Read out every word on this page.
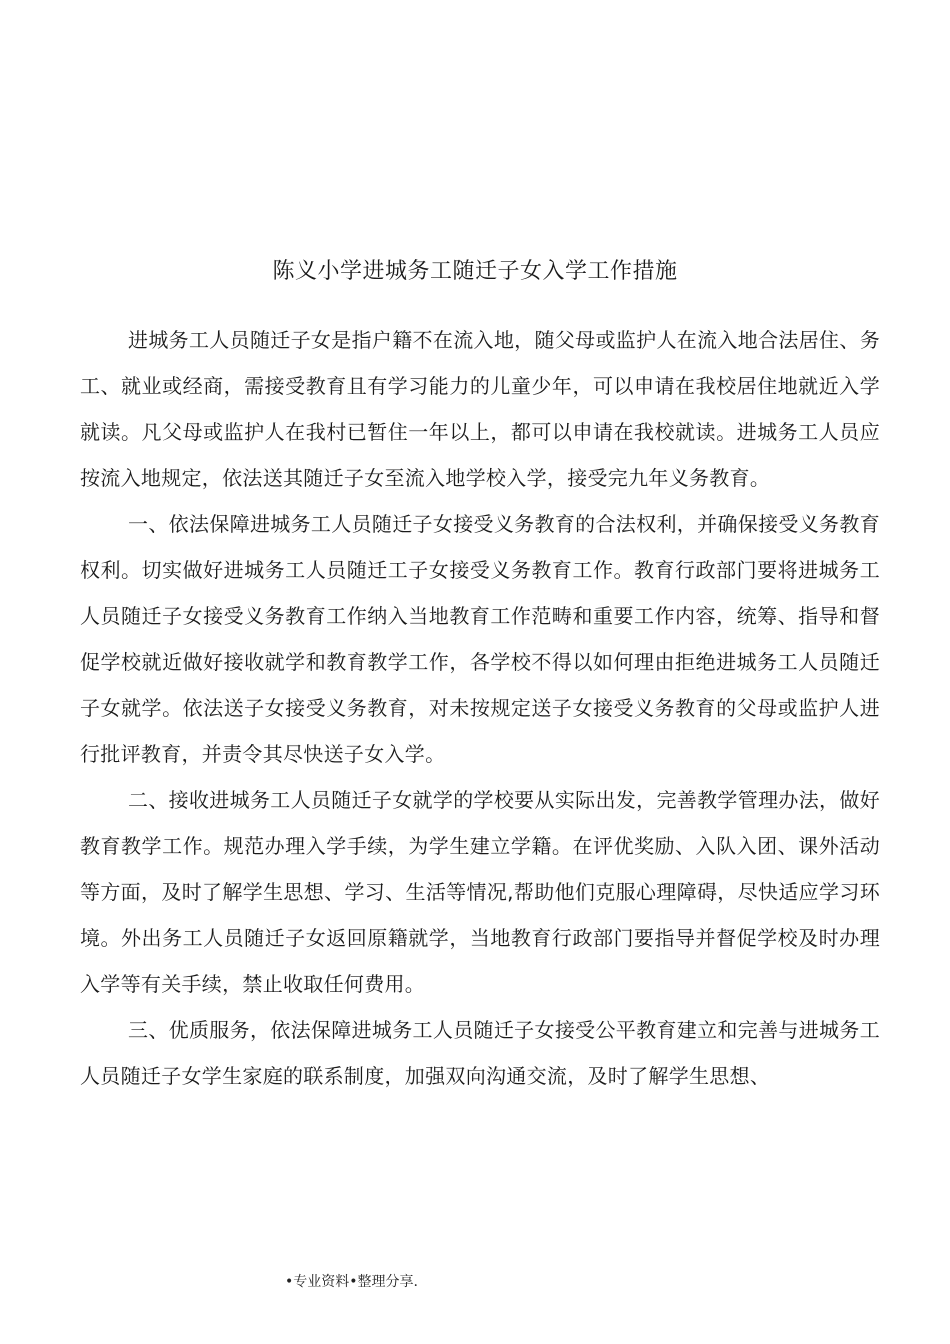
陈义小学进城务工随迁子女入学工作措施

进城务工人员随迁子女是指户籍不在流入地，随父母或监护人在流入地合法居住、务工、就业或经商，需接受教育且有学习能力的儿童少年，可以申请在我校居住地就近入学就读。凡父母或监护人在我村已暂住一年以上，都可以申请在我校就读。进城务工人员应按流入地规定，依法送其随迁子女至流入地学校入学，接受完九年义务教育。

一、依法保障进城务工人员随迁子女接受义务教育的合法权利，并确保接受义务教育权利。切实做好进城务工人员随迁工子女接受义务教育工作。教育行政部门要将进城务工人员随迁子女接受义务教育工作纳入当地教育工作范畴和重要工作内容，统筹、指导和督促学校就近做好接收就学和教育教学工作，各学校不得以如何理由拒绝进城务工人员随迁子女就学。依法送子女接受义务教育，对未按规定送子女接受义务教育的父母或监护人进行批评教育，并责令其尽快送子女入学。

二、接收进城务工人员随迁子女就学的学校要从实际出发，完善教学管理办法，做好教育教学工作。规范办理入学手续，为学生建立学籍。在评优奖励、入队入团、课外活动等方面，及时了解学生思想、学习、生活等情况,帮助他们克服心理障碍，尽快适应学习环境。外出务工人员随迁子女返回原籍就学，当地教育行政部门要指导并督促学校及时办理入学等有关手续，禁止收取任何费用。

三、优质服务，依法保障进城务工人员随迁子女接受公平教育建立和完善与进城务工人员随迁子女学生家庭的联系制度，加强双向沟通交流，及时了解学生思想、

•专业资料•整理分享.
